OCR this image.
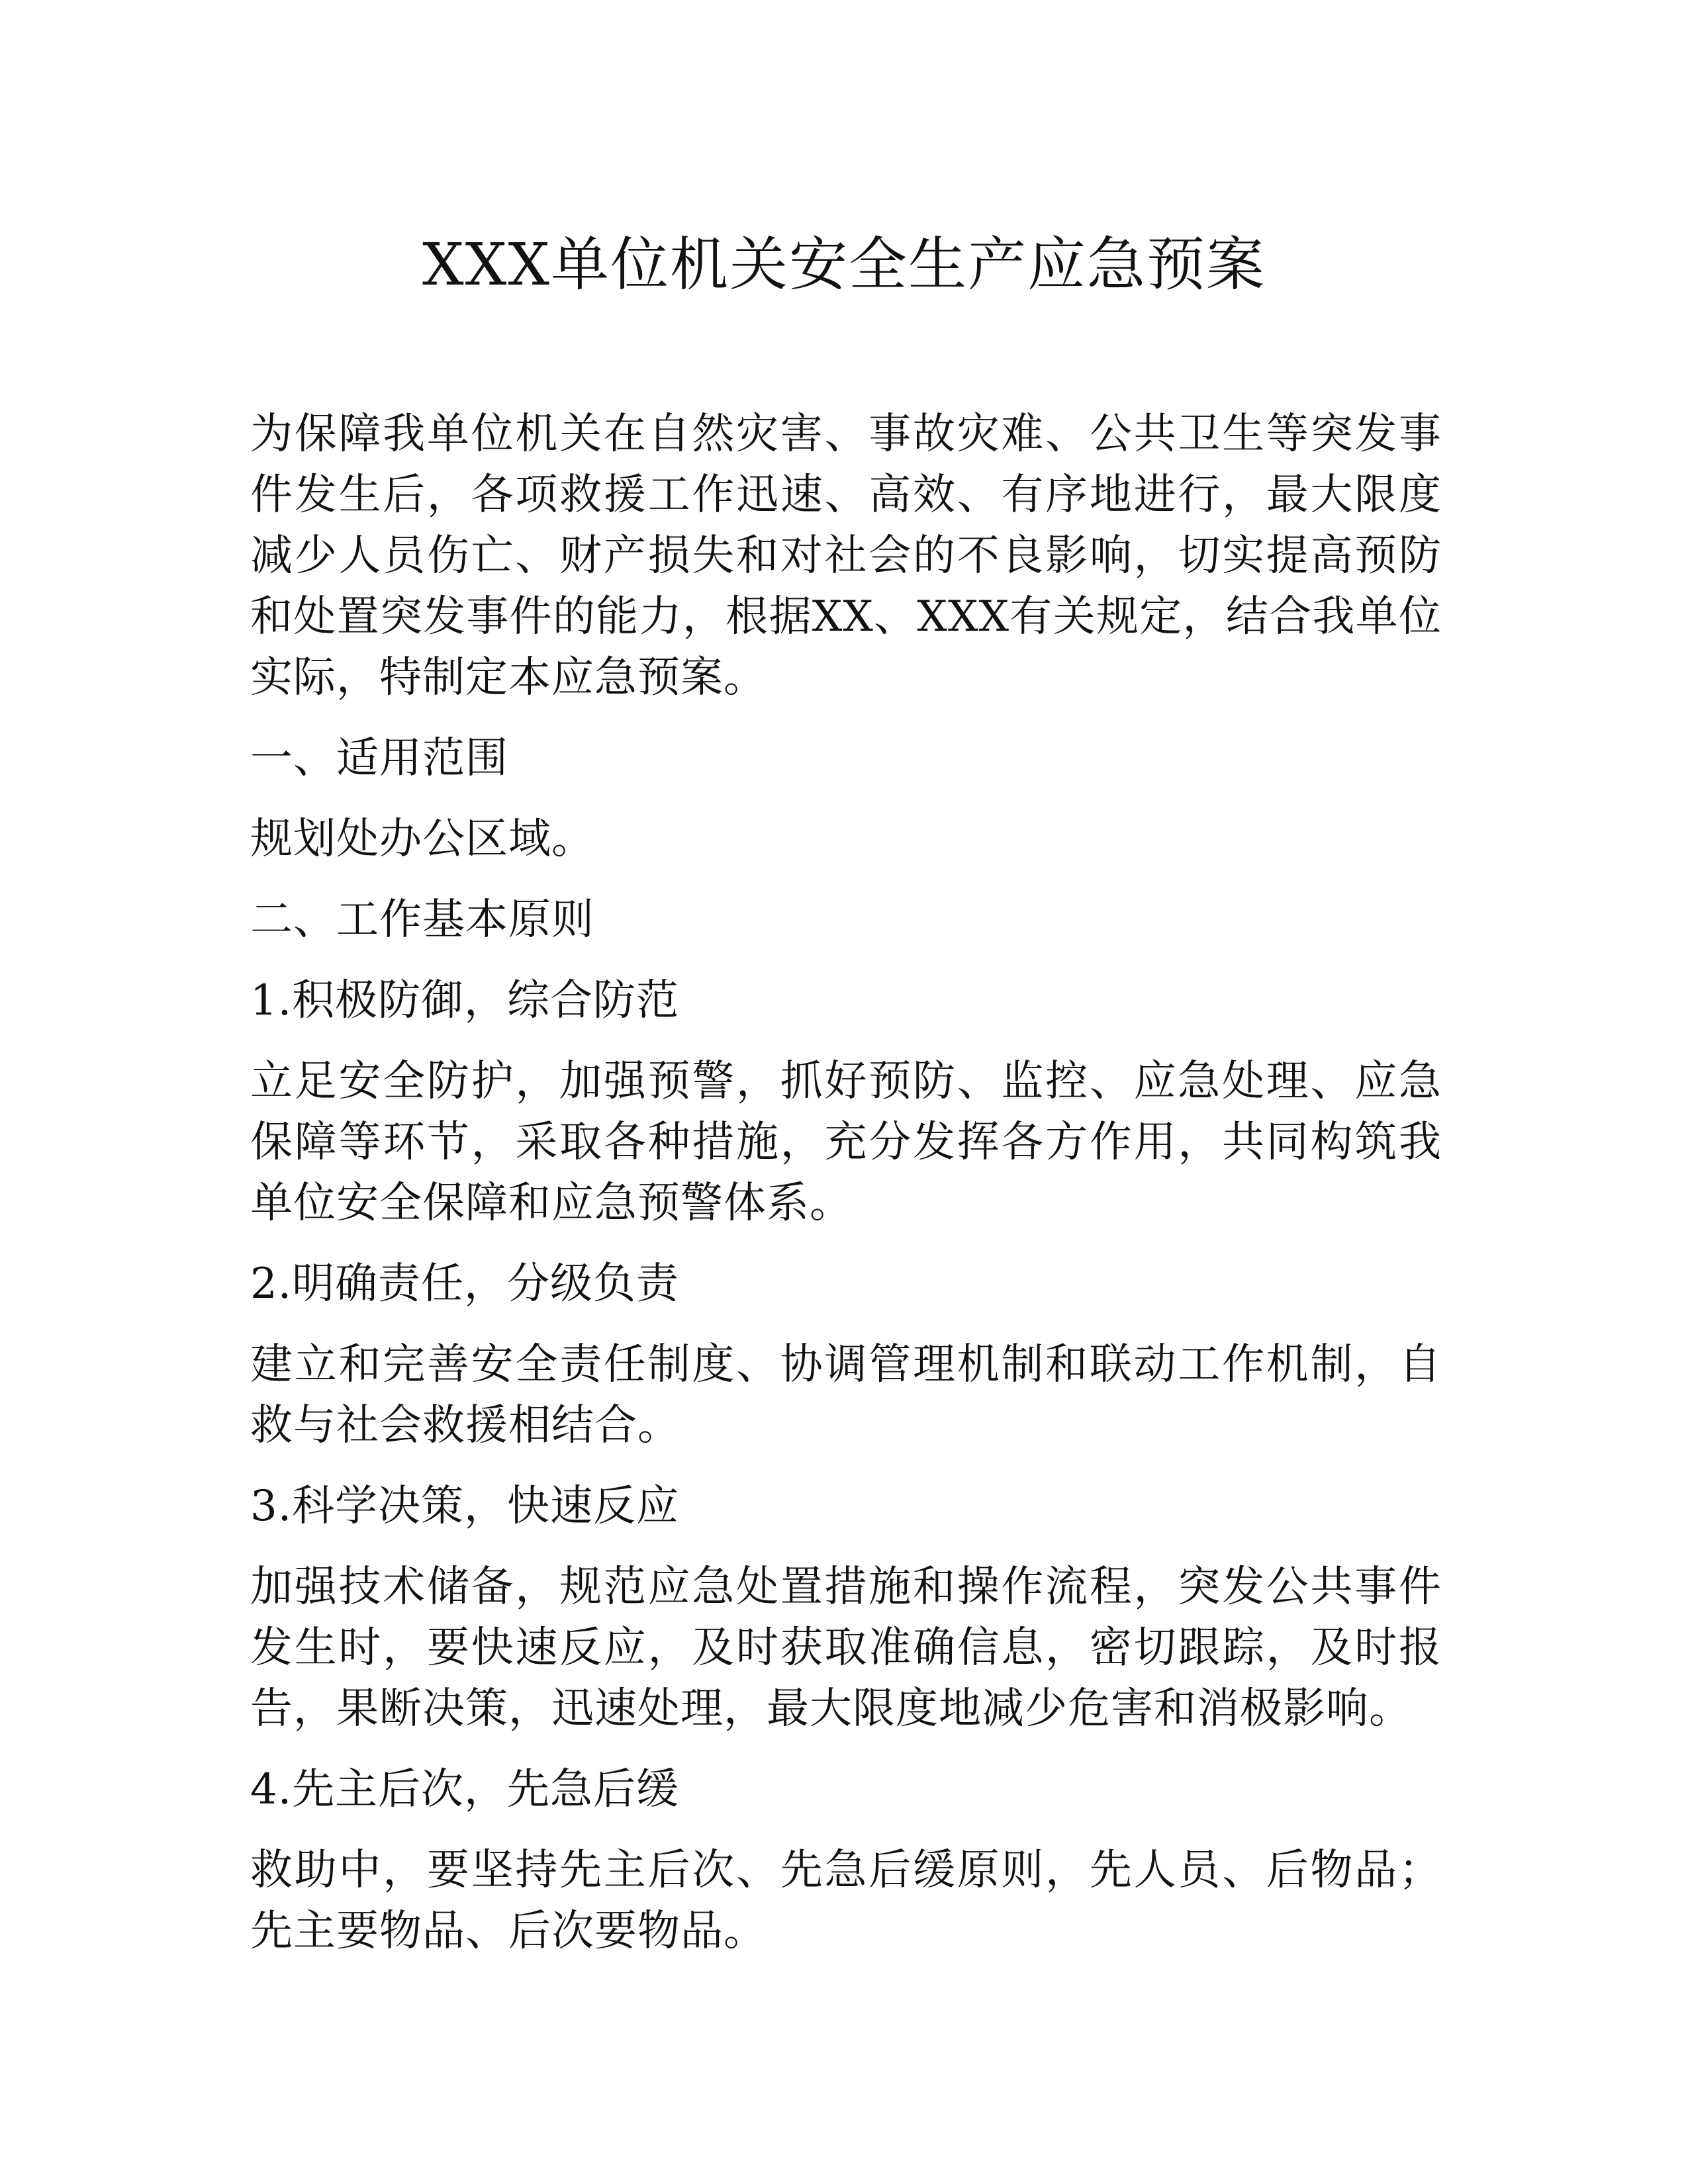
XXX单位机关安全生产应急预案

为保障我单位机关在自然灾害、事故灾难、公共卫生等突发事件发生后，各项救援工作迅速、高效、有序地进行，最大限度减少人员伤亡、财产损失和对社会的不良影响，切实提高预防和处置突发事件的能力，根据XX、XXX有关规定，结合我单位实际，特制定本应急预案。

一、适用范围

规划处办公区域。

二、工作基本原则

1.积极防御，综合防范

立足安全防护，加强预警，抓好预防、监控、应急处理、应急保障等环节，采取各种措施，充分发挥各方作用，共同构筑我单位安全保障和应急预警体系。

2.明确责任，分级负责

建立和完善安全责任制度、协调管理机制和联动工作机制，自救与社会救援相结合。

3.科学决策，快速反应

加强技术储备，规范应急处置措施和操作流程，突发公共事件发生时，要快速反应，及时获取准确信息，密切跟踪，及时报告，果断决策，迅速处理，最大限度地减少危害和消极影响。

4.先主后次，先急后缓

救助中，要坚持先主后次、先急后缓原则，先人员、后物品；先主要物品、后次要物品。
